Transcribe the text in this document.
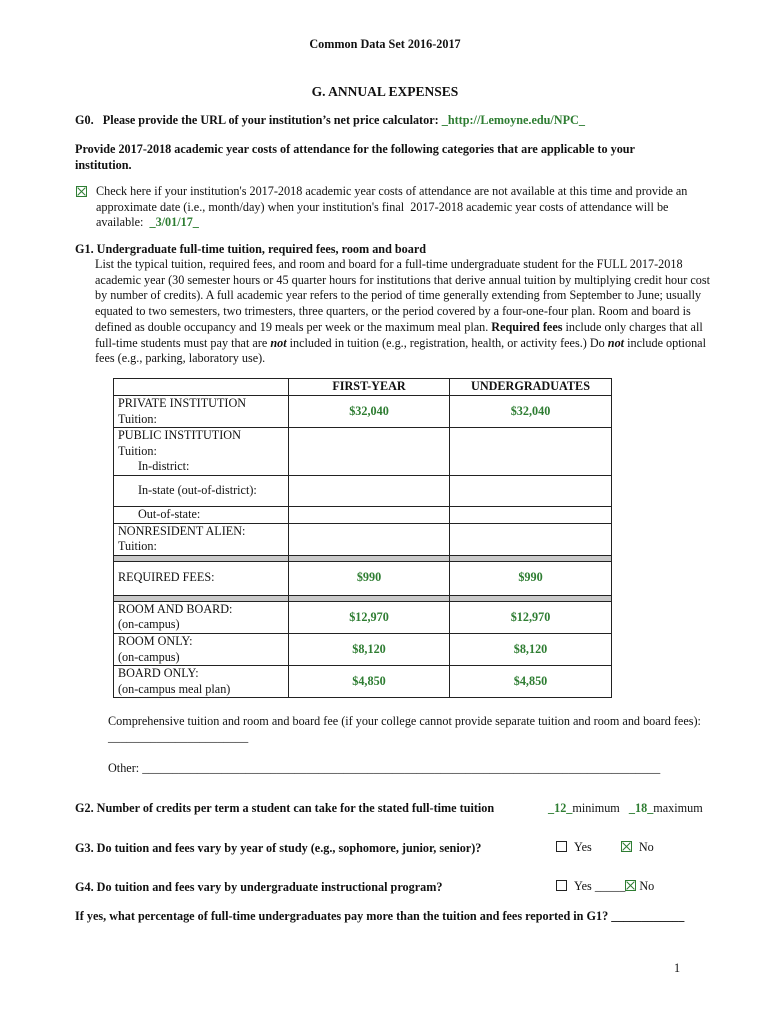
Common Data Set 2016-2017
G. ANNUAL EXPENSES
G0.   Please provide the URL of your institution’s net price calculator: _http://Lemoyne.edu/NPC_
Provide 2017-2018 academic year costs of attendance for the following categories that are applicable to your institution.
Check here if your institution's 2017-2018 academic year costs of attendance are not available at this time and provide an approximate date (i.e., month/day) when your institution's final  2017-2018 academic year costs of attendance will be available:  _3/01/17_
G1. Undergraduate full-time tuition, required fees, room and board
List the typical tuition, required fees, and room and board for a full-time undergraduate student for the FULL 2017-2018 academic year (30 semester hours or 45 quarter hours for institutions that derive annual tuition by multiplying credit hour cost by number of credits). A full academic year refers to the period of time generally extending from September to June; usually equated to two semesters, two trimesters, three quarters, or the period covered by a four-one-four plan. Room and board is defined as double occupancy and 19 meals per week or the maximum meal plan. Required fees include only charges that all full-time students must pay that are not included in tuition (e.g., registration, health, or activity fees.) Do not include optional fees (e.g., parking, laboratory use).
	FIRST-YEAR	UNDERGRADUATES

PRIVATE INSTITUTION
Tuition:	$32,040	$32,040

PUBLIC INSTITUTION
Tuition:
In-district:		

In-state (out-of-district):		

Out-of-state:		

NONRESIDENT ALIEN:
Tuition:		

REQUIRED FEES:	$990	$990

ROOM AND BOARD:
(on-campus)	$12,970	$12,970

ROOM ONLY:
(on-campus)	$8,120	$8,120

BOARD ONLY:
(on-campus meal plan)	$4,850	$4,850
Comprehensive tuition and room and board fee (if your college cannot provide separate tuition and room and board fees): _______________________
Other: _____________________________________________________________________________________
G2. Number of credits per term a student can take for the stated full-time tuition	_12_minimum _18_maximum
G3. Do tuition and fees vary by year of study (e.g., sophomore, junior, senior)?	Yes	No
G4. Do tuition and fees vary by undergraduate instructional program?	Yes _____ No
If yes, what percentage of full-time undergraduates pay more than the tuition and fees reported in G1? ____________
1
